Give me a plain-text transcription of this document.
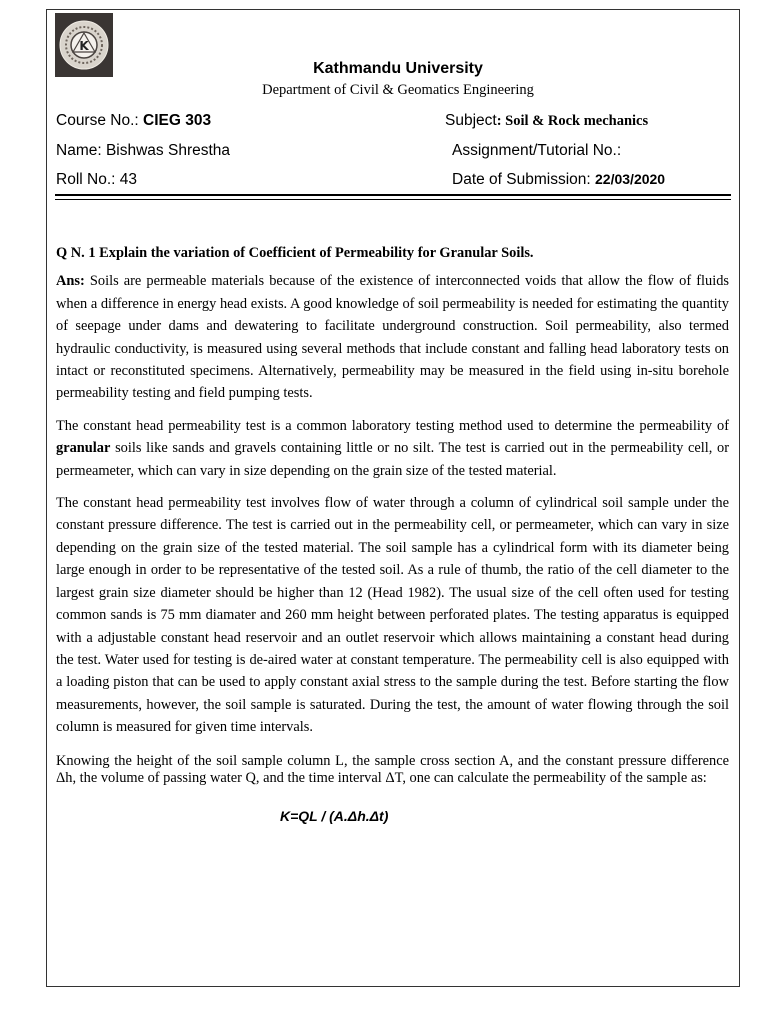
K
Kathmandu University
Department of Civil & Geomatics Engineering
Course No.: CIEG 303	Subject: Soil & Rock mechanics
Name: Bishwas Shrestha	Assignment/Tutorial No.:
Roll No.: 43	Date of Submission: 22/03/2020

Q N. 1 Explain the variation of Coefficient of Permeability for Granular Soils.

Ans: Soils are permeable materials because of the existence of interconnected voids that allow the flow of fluids when a difference in energy head exists. A good knowledge of soil permeability is needed for estimating the quantity of seepage under dams and dewatering to facilitate underground construction. Soil permeability, also termed hydraulic conductivity, is measured using several methods that include constant and falling head laboratory tests on intact or reconstituted specimens. Alternatively, permeability may be measured in the field using in-situ borehole permeability testing and field pumping tests.

The constant head permeability test is a common laboratory testing method used to determine the permeability of granular soils like sands and gravels containing little or no silt. The test is carried out in the permeability cell, or permeameter, which can vary in size depending on the grain size of the tested material.

The constant head permeability test involves flow of water through a column of cylindrical soil sample under the constant pressure difference. The test is carried out in the permeability cell, or permeameter, which can vary in size depending on the grain size of the tested material. The soil sample has a cylindrical form with its diameter being large enough in order to be representative of the tested soil. As a rule of thumb, the ratio of the cell diameter to the largest grain size diameter should be higher than 12 (Head 1982). The usual size of the cell often used for testing common sands is 75 mm diamater and 260 mm height between perforated plates. The testing apparatus is equipped with a adjustable constant head reservoir and an outlet reservoir which allows maintaining a constant head during the test. Water used for testing is de-aired water at constant temperature. The permeability cell is also equipped with a loading piston that can be used to apply constant axial stress to the sample during the test. Before starting the flow measurements, however, the soil sample is saturated. During the test, the amount of water flowing through the soil column is measured for given time intervals.

Knowing the height of the soil sample column L, the sample cross section A, and the constant pressure difference Δh, the volume of passing water Q, and the time interval ΔT, one can calculate the permeability of the sample as:

K=QL / (A.Δh.Δt)
